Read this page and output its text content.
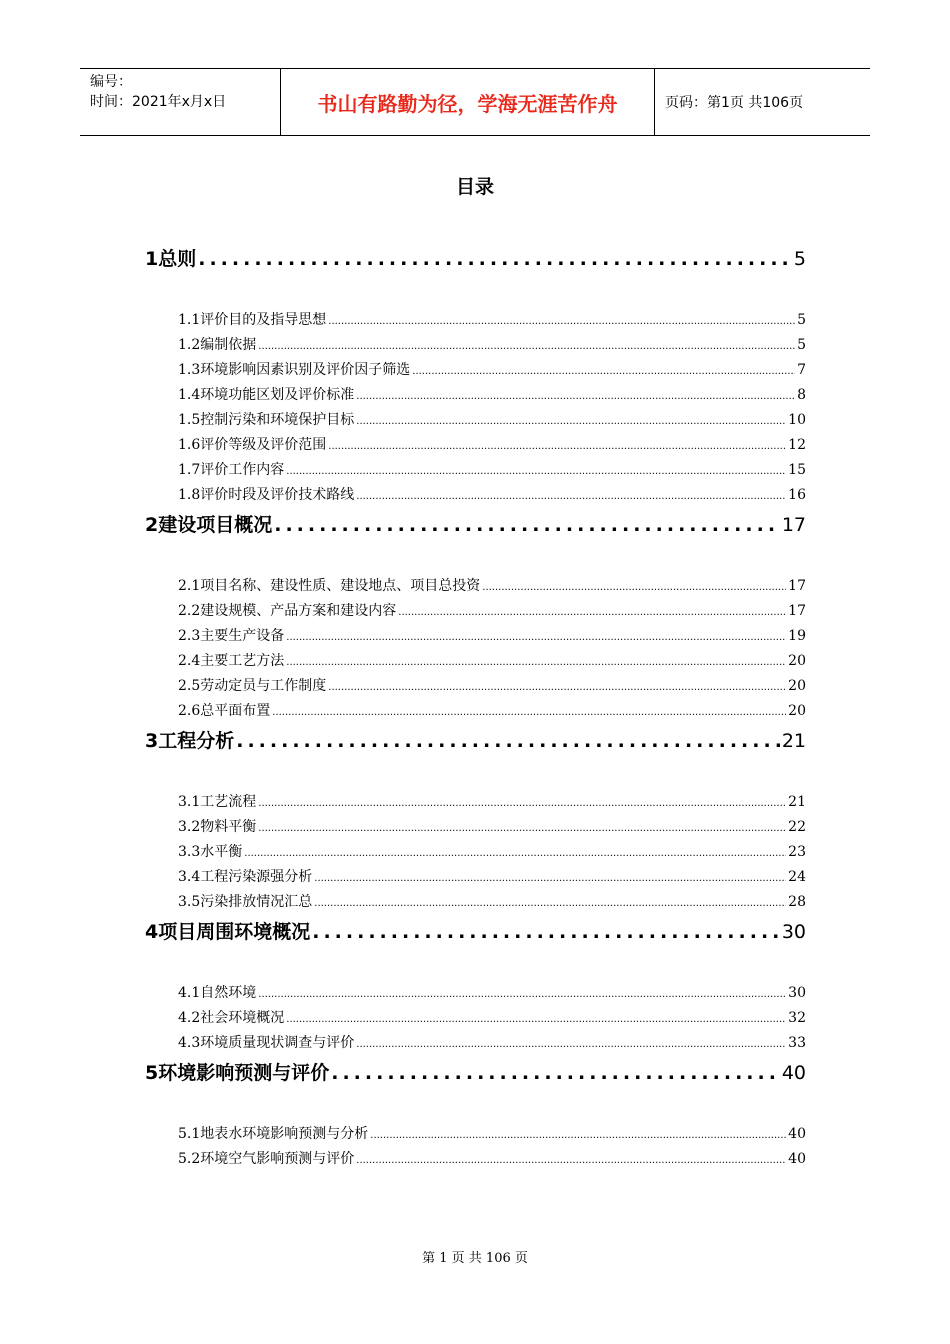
编号：
时间：2021年x月x日	书山有路勤为径，学海无涯苦作舟	页码：第1页 共106页
目录
1总则 .....	5
1.1评价目的及指导思想 .....	5
1.2编制依据 .....	5
1.3环境影响因素识别及评价因子筛选 .....	7
1.4环境功能区划及评价标准 .....	8
1.5控制污染和环境保护目标 .....	10
1.6评价等级及评价范围 .....	12
1.7评价工作内容 .....	15
1.8评价时段及评价技术路线 .....	16
2建设项目概况 .....	17
2.1项目名称、建设性质、建设地点、项目总投资 .....	17
2.2建设规模、产品方案和建设内容 .....	17
2.3主要生产设备 .....	19
2.4主要工艺方法 .....	20
2.5劳动定员与工作制度 .....	20
2.6总平面布置 .....	20
3工程分析 .....	21
3.1工艺流程 .....	21
3.2物料平衡 .....	22
3.3水平衡 .....	23
3.4工程污染源强分析 .....	24
3.5污染排放情况汇总 .....	28
4项目周围环境概况 .....	30
4.1自然环境 .....	30
4.2社会环境概况 .....	32
4.3环境质量现状调查与评价 .....	33
5环境影响预测与评价 .....	40
5.1地表水环境影响预测与分析 .....	40
5.2环境空气影响预测与评价 .....	40
第 1 页 共 106 页
